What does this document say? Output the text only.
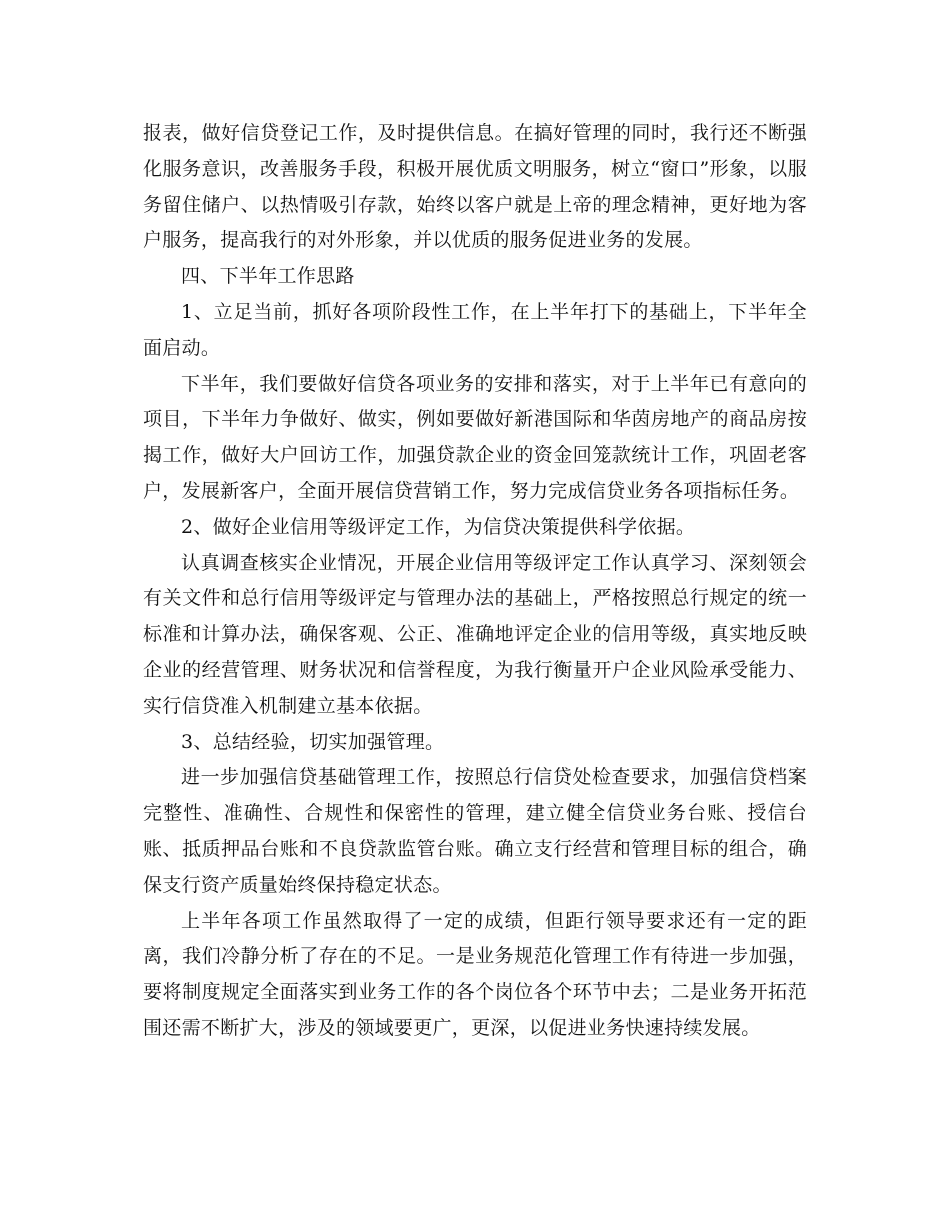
报表，做好信贷登记工作，及时提供信息。在搞好管理的同时，我行还不断强化服务意识，改善服务手段，积极开展优质文明服务，树立“窗口”形象，以服务留住储户、以热情吸引存款，始终以客户就是上帝的理念精神，更好地为客户服务，提高我行的对外形象，并以优质的服务促进业务的发展。

四、下半年工作思路

1、立足当前，抓好各项阶段性工作，在上半年打下的基础上，下半年全面启动。

下半年，我们要做好信贷各项业务的安排和落实，对于上半年已有意向的项目，下半年力争做好、做实，例如要做好新港国际和华茵房地产的商品房按揭工作，做好大户回访工作，加强贷款企业的资金回笼款统计工作，巩固老客户，发展新客户，全面开展信贷营销工作，努力完成信贷业务各项指标任务。

2、做好企业信用等级评定工作，为信贷决策提供科学依据。

认真调查核实企业情况，开展企业信用等级评定工作认真学习、深刻领会有关文件和总行信用等级评定与管理办法的基础上，严格按照总行规定的统一标准和计算办法，确保客观、公正、准确地评定企业的信用等级，真实地反映企业的经营管理、财务状况和信誉程度，为我行衡量开户企业风险承受能力、实行信贷准入机制建立基本依据。

3、总结经验，切实加强管理。

进一步加强信贷基础管理工作，按照总行信贷处检查要求，加强信贷档案完整性、准确性、合规性和保密性的管理，建立健全信贷业务台账、授信台账、抵质押品台账和不良贷款监管台账。确立支行经营和管理目标的组合，确保支行资产质量始终保持稳定状态。

上半年各项工作虽然取得了一定的成绩，但距行领导要求还有一定的距离，我们冷静分析了存在的不足。一是业务规范化管理工作有待进一步加强，要将制度规定全面落实到业务工作的各个岗位各个环节中去；二是业务开拓范围还需不断扩大，涉及的领域要更广，更深，以促进业务快速持续发展。
